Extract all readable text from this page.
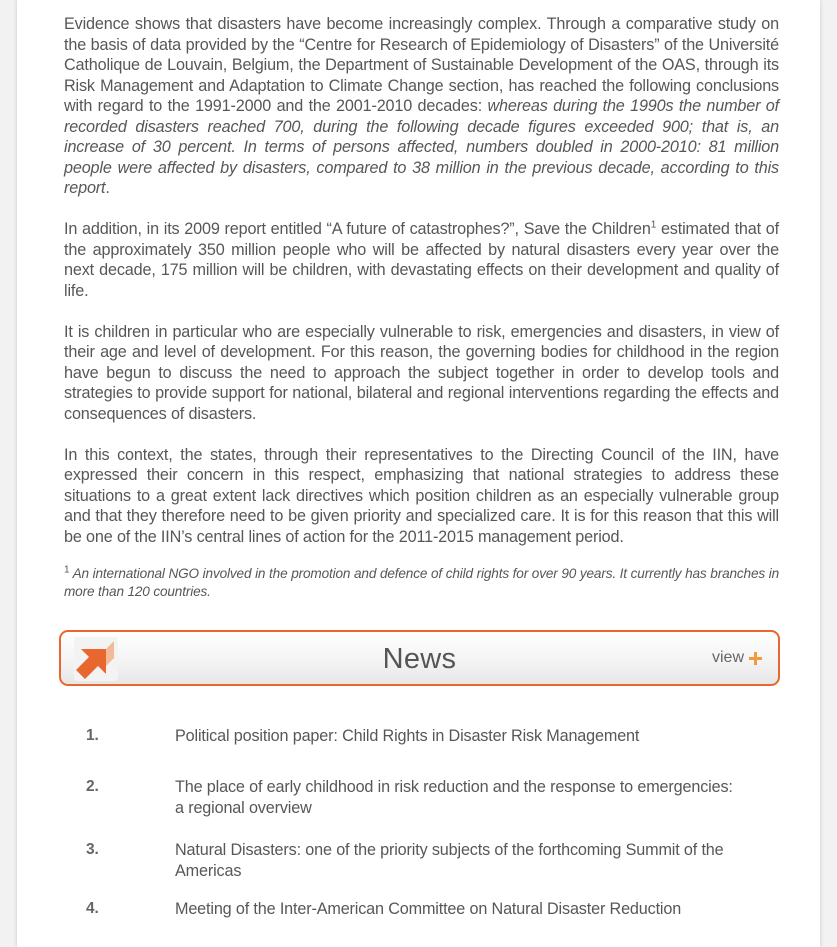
Evidence shows that disasters have become increasingly complex. Through a comparative study on the basis of data provided by the “Centre for Research of Epidemiology of Disasters” of the Université Catholique de Louvain, Belgium, the Department of Sustainable Development of the OAS, through its Risk Management and Adaptation to Climate Change section, has reached the following conclusions with regard to the 1991-2000 and the 2001-2010 decades: whereas during the 1990s the number of recorded disasters reached 700, during the following decade figures exceeded 900; that is, an increase of 30 percent. In terms of persons affected, numbers doubled in 2000-2010: 81 million people were affected by disasters, compared to 38 million in the previous decade, according to this report.

In addition, in its 2009 report entitled “A future of catastrophes?”, Save the Children$^1$ estimated that of the approximately 350 million people who will be affected by natural disasters every year over the next decade, 175 million will be children, with devastating effects on their development and quality of life.

It is children in particular who are especially vulnerable to risk, emergencies and disasters, in view of their age and level of development. For this reason, the governing bodies for childhood in the region have begun to discuss the need to approach the subject together in order to develop tools and strategies to provide support for national, bilateral and regional interventions regarding the effects and consequences of disasters.

In this context, the states, through their representatives to the Directing Council of the IIN, have expressed their concern in this respect, emphasizing that national strategies to address these situations to a great extent lack directives which position children as an especially vulnerable group and that they therefore need to be given priority and specialized care. It is for this reason that this will be one of the IIN’s central lines of action for the 2011-2015 management period.

$^1$ An international NGO involved in the promotion and defence of child rights for over 90 years. It currently has branches in more than 120 countries.

News	view
1.	Political position paper: Child Rights in Disaster Risk Management
2.	The place of early childhood in risk reduction and the response to emergencies: a regional overview
3.	Natural Disasters: one of the priority subjects of the forthcoming Summit of the Americas
4.	Meeting of the Inter-American Committee on Natural Disaster Reduction
